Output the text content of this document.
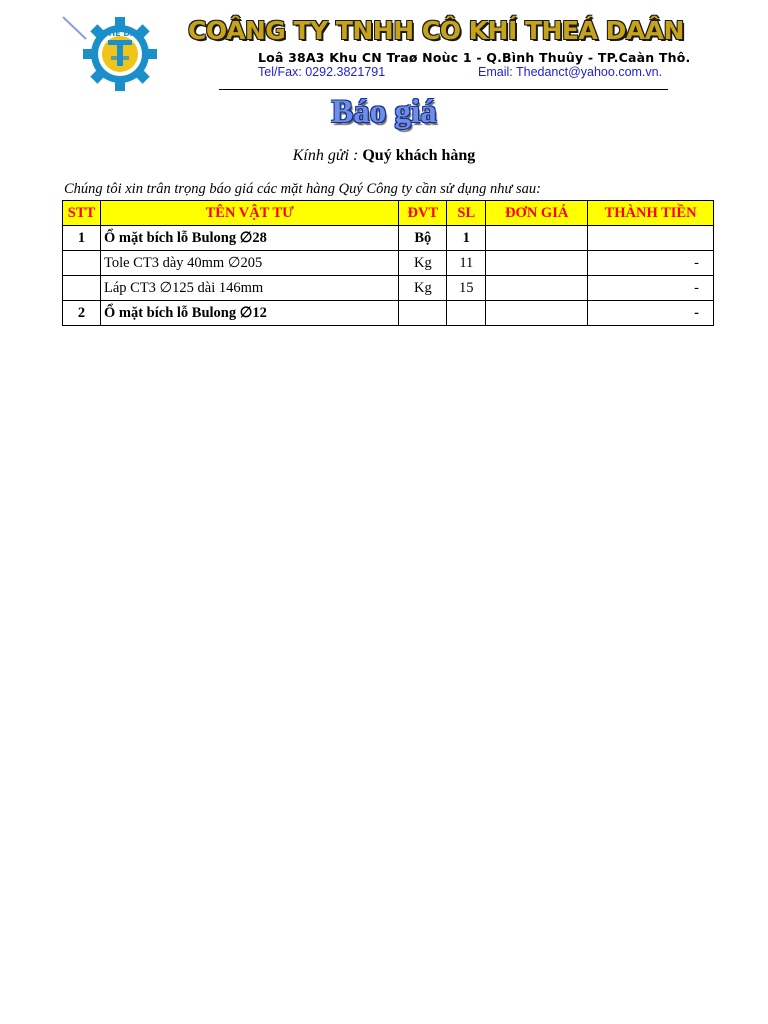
THẾ DÂN COÂNG TY TNHH CÔ KHÍ THEÁ DAÂN
Loâ 38A3 Khu CN Traø Noùc 1 - Q.Bình Thuûy - TP.Caàn Thô.
Tel/Fax: 0292.3821791	Email: Thedanct@yahoo.com.vn.
Báo giá
Kính gửi : Quý khách hàng
Chúng tôi xin trân trọng báo giá các mặt hàng Quý Công ty cần sử dụng như sau:
STT	TÊN VẬT TƯ	ĐVT	SL	ĐƠN GIÁ	THÀNH TIỀN
1	Ổ mặt bích lỗ Bulong ∅28	Bộ	1		
	Tole CT3 dày 40mm ∅205	Kg	11		-
	Láp CT3 ∅125 dài 146mm	Kg	15		-
2	Ổ mặt bích lỗ Bulong ∅12				-
